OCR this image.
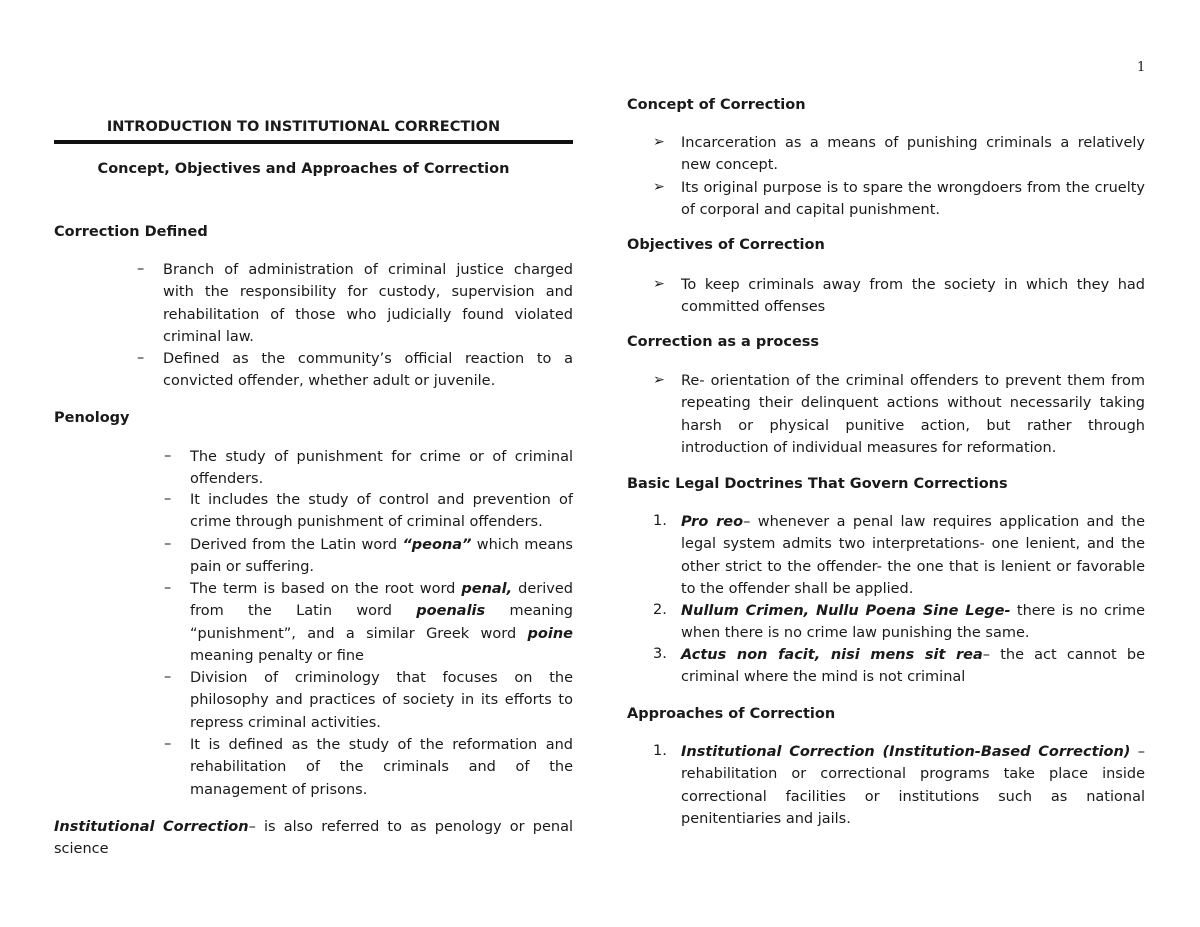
1
INTRODUCTION TO INSTITUTIONAL CORRECTION
Concept, Objectives and Approaches of Correction
Correction Defined
– Branch of administration of criminal justice charged with the responsibility for custody, supervision and rehabilitation of those who judicially found violated criminal law.
– Defined as the community’s official reaction to a convicted offender, whether adult or juvenile.
Penology
– The study of punishment for crime or of criminal offenders.
– It includes the study of control and prevention of crime through punishment of criminal offenders.
– Derived from the Latin word “peona” which means pain or suffering.
– The term is based on the root word penal, derived from the Latin word poenalis meaning “punishment”, and a similar Greek word poine meaning penalty or fine
– Division of criminology that focuses on the philosophy and practices of society in its efforts to repress criminal activities.
– It is defined as the study of the reformation and rehabilitation of the criminals and of the management of prisons.
Institutional Correction– is also referred to as penology or penal science
Concept of Correction
➢ Incarceration as a means of punishing criminals a relatively new concept.
➢ Its original purpose is to spare the wrongdoers from the cruelty of corporal and capital punishment.
Objectives of Correction
➢ To keep criminals away from the society in which they had committed offenses
Correction as a process
➢ Re- orientation of the criminal offenders to prevent them from repeating their delinquent actions without necessarily taking harsh or physical punitive action, but rather through introduction of individual measures for reformation.
Basic Legal Doctrines That Govern Corrections
1. Pro reo– whenever a penal law requires application and the legal system admits two interpretations- one lenient, and the other strict to the offender- the one that is lenient or favorable to the offender shall be applied.
2. Nullum Crimen, Nullu Poena Sine Lege- there is no crime when there is no crime law punishing the same.
3. Actus non facit, nisi mens sit rea– the act cannot be criminal where the mind is not criminal
Approaches of Correction
1. Institutional Correction (Institution-Based Correction) – rehabilitation or correctional programs take place inside correctional facilities or institutions such as national penitentiaries and jails.
